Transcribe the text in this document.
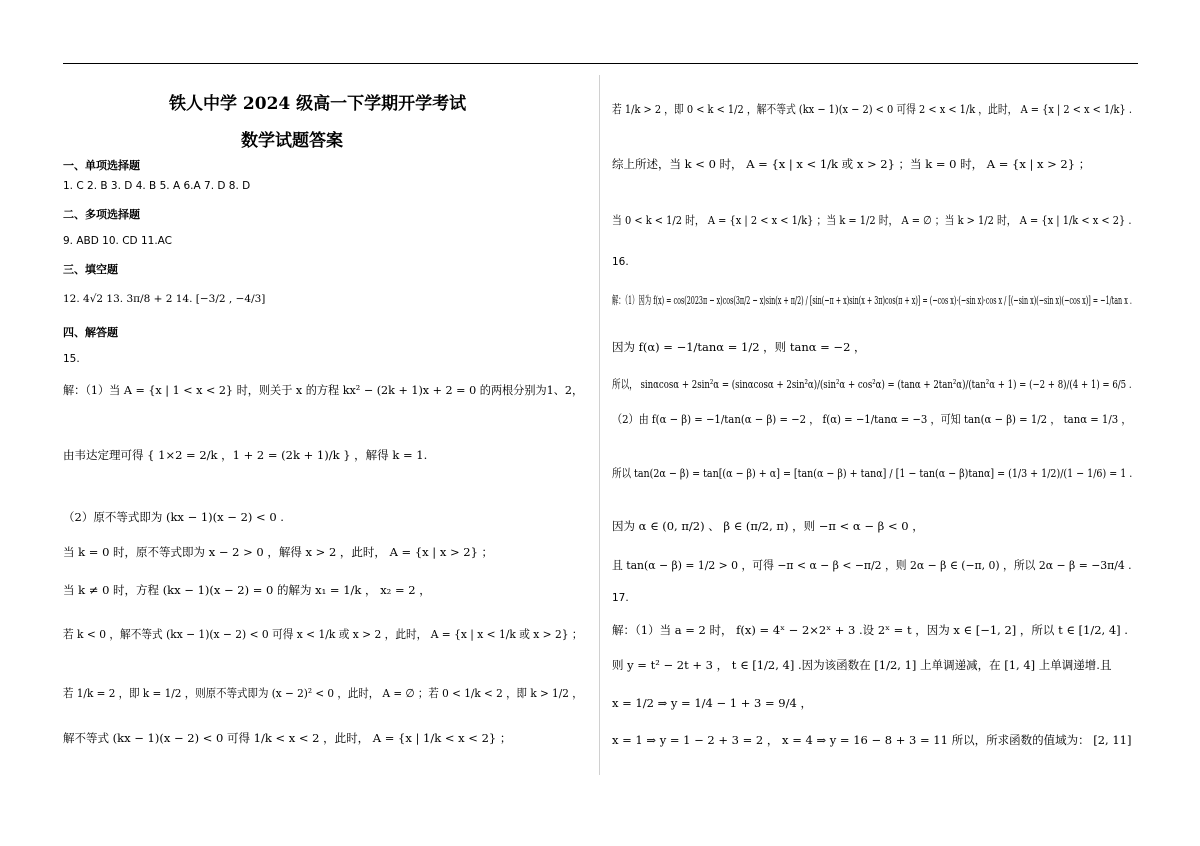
铁人中学 2024 级高一下学期开学考试
数学试题答案
一、单项选择题
1. C 2. B 3. D 4. B 5. A 6.A 7. D 8. D
二、多项选择题
9. ABD 10. CD 11.AC
三、填空题
12. 4√2 13. 3π/8 + 2 14. [−3/2 , −4/3]
四、解答题
15.
解：（1）当 A = {x | 1 < x < 2} 时，则关于 x 的方程 kx² − (2k + 1)x + 2 = 0 的两根分别为1、2，
由韦达定理可得 { 1×2 = 2/k ，1 + 2 = (2k + 1)/k } ，解得 k = 1.
（2）原不等式即为 (kx − 1)(x − 2) < 0 .
当 k = 0 时，原不等式即为 x − 2 > 0 ，解得 x > 2 ，此时， A = {x | x > 2} ；
当 k ≠ 0 时，方程 (kx − 1)(x − 2) = 0 的解为 x₁ = 1/k ， x₂ = 2 ，
若 k < 0 ，解不等式 (kx − 1)(x − 2) < 0 可得 x < 1/k 或 x > 2 ，此时， A = {x | x < 1/k 或 x > 2} ；
若 1/k = 2 ，即 k = 1/2 ，则原不等式即为 (x − 2)² < 0 ，此时， A = ∅ ；若 0 < 1/k < 2 ，即 k > 1/2 ，
解不等式 (kx − 1)(x − 2) < 0 可得 1/k < x < 2 ，此时， A = {x | 1/k < x < 2} ；
若 1/k > 2 ，即 0 < k < 1/2 ，解不等式 (kx − 1)(x − 2) < 0 可得 2 < x < 1/k ，此时， A = {x | 2 < x < 1/k} .
综上所述，当 k < 0 时， A = {x | x < 1/k 或 x > 2} ；当 k = 0 时， A = {x | x > 2} ；
当 0 < k < 1/2 时， A = {x | 2 < x < 1/k} ；当 k = 1/2 时， A = ∅ ；当 k > 1/2 时， A = {x | 1/k < x < 2} .
16.
解：（1）因为 f(x) = cos(2023π − x)cos(3π/2 − x)sin(x + π/2) / [sin(−π + x)sin(x + 3π)cos(π + x)] = (−cos x)·(−sin x)·cos x / [(−sin x)(−sin x)(−cos x)] = −1/tan x .
因为 f(α) = −1/tanα = 1/2 ，则 tanα = −2 ，
所以， sinαcosα + 2sin²α = (sinαcosα + 2sin²α)/(sin²α + cos²α) = (tanα + 2tan²α)/(tan²α + 1) = (−2 + 8)/(4 + 1) = 6/5 .
（2）由 f(α − β) = −1/tan(α − β) = −2 ， f(α) = −1/tanα = −3 ，可知 tan(α − β) = 1/2 ， tanα = 1/3 ，
所以 tan(2α − β) = tan[(α − β) + α] = [tan(α − β) + tanα] / [1 − tan(α − β)tanα] = (1/3 + 1/2)/(1 − 1/6) = 1 .
因为 α ∈ (0, π/2) 、 β ∈ (π/2, π) ，则 −π < α − β < 0 ，
且 tan(α − β) = 1/2 > 0 ，可得 −π < α − β < −π/2 ，则 2α − β ∈ (−π, 0) ，所以 2α − β = −3π/4 .
17.
解：（1）当 a = 2 时， f(x) = 4ˣ − 2×2ˣ + 3 .设 2ˣ = t ，因为 x ∈ [−1, 2] ，所以 t ∈ [1/2, 4] .
则 y = t² − 2t + 3 ， t ∈ [1/2, 4] .因为该函数在 [1/2, 1] 上单调递减，在 [1, 4] 上单调递增.且
x = 1/2 ⇒ y = 1/4 − 1 + 3 = 9/4 ，
x = 1 ⇒ y = 1 − 2 + 3 = 2 ， x = 4 ⇒ y = 16 − 8 + 3 = 11 所以，所求函数的值域为： [2, 11]
